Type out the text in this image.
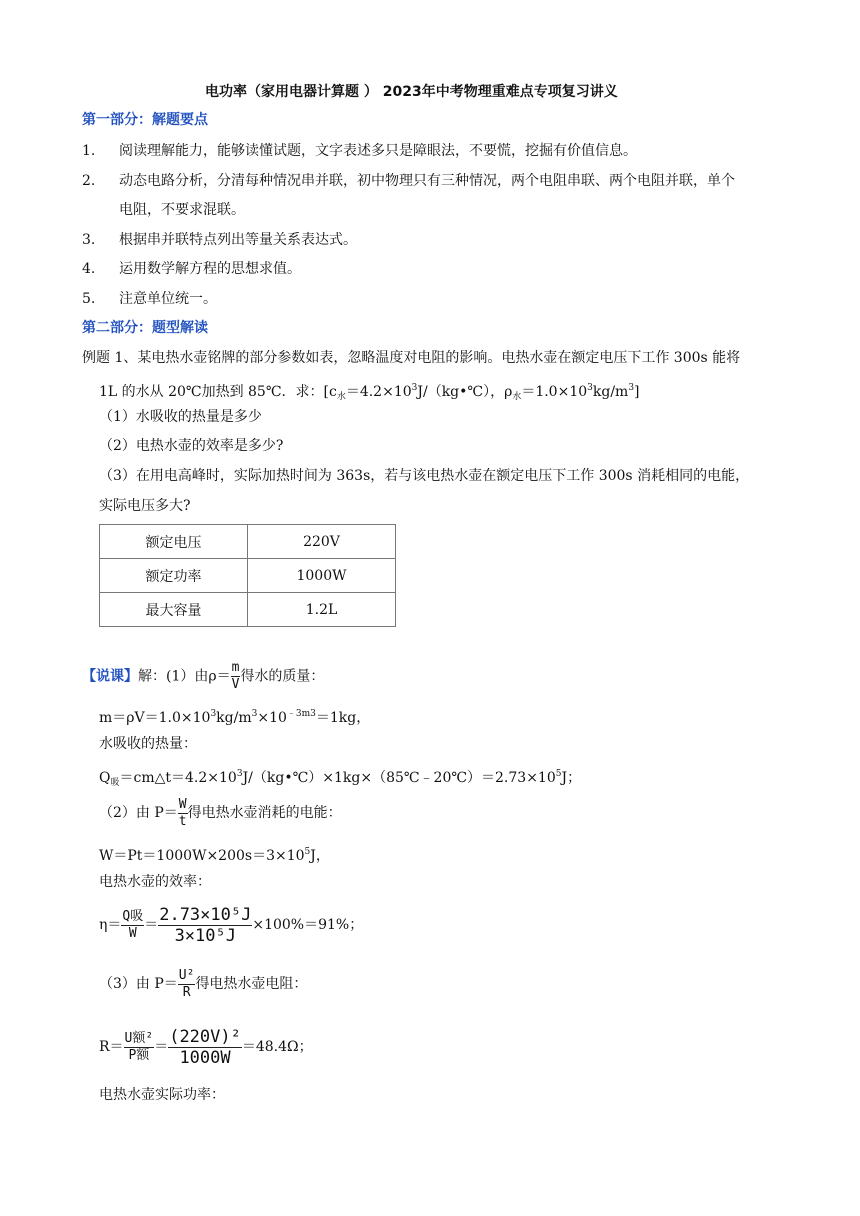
电功率（家用电器计算题 ） 2023年中考物理重难点专项复习讲义
第一部分：解题要点
1. 阅读理解能力，能够读懂试题，文字表述多只是障眼法，不要慌，挖掘有价值信息。
2. 动态电路分析，分清每种情况串并联，初中物理只有三种情况，两个电阻串联、两个电阻并联，单个
电阻，不要求混联。
3. 根据串并联特点列出等量关系表达式。
4. 运用数学解方程的思想求值。
5. 注意单位统一。
第二部分：题型解读
例题 1、某电热水壶铭牌的部分参数如表，忽略温度对电阻的影响。电热水壶在额定电压下工作 300s 能将
1L 的水从 20℃加热到 85℃．求：[$c_水=4.2\times 10^3J/(kg•℃)$，$\rho_水=1.0\times 10^3kg/m^3$]
（1）水吸收的热量是多少
（2）电热水壶的效率是多少?
（3）在用电高峰时，实际加热时间为 363s，若与该电热水壶在额定电压下工作 300s 消耗相同的电能，
实际电压多大?
额定电压	220V
额定功率	1000W
最大容量	1.2L
【说课】解：(1）由$\rho= \frac{m}{V}$ 得水的质量：
$m=\rho V=1.0\times 10^3kg/m^3\times 10^{﹣3m3}=1kg$，
水吸收的热量：
$Q_吸=cm\triangle t=4.2\times 10^3J/(kg•℃)\times 1kg\times(85℃﹣20℃)=2.73\times 10^5J$；
（2）由 $P= \frac{W}{t}$ 得电热水壶消耗的电能：
$W=Pt=1000W\times 200s=3\times 10^5J$，
电热水壶的效率：
$\eta= \frac{\text{Q吸}}{W} = \frac{\text{2.73×10⁵J}}{\text{3×10⁵J}} \times 100\%=91\%$；
（3）由 $P= \frac{\text{U²}}{R}$ 得电热水壶电阻：
$R= \frac{\text{U额²}}{\text{P额}} = \frac{\text{(220V)²}}{1000W} =48.4\Omega$；
电热水壶实际功率：
